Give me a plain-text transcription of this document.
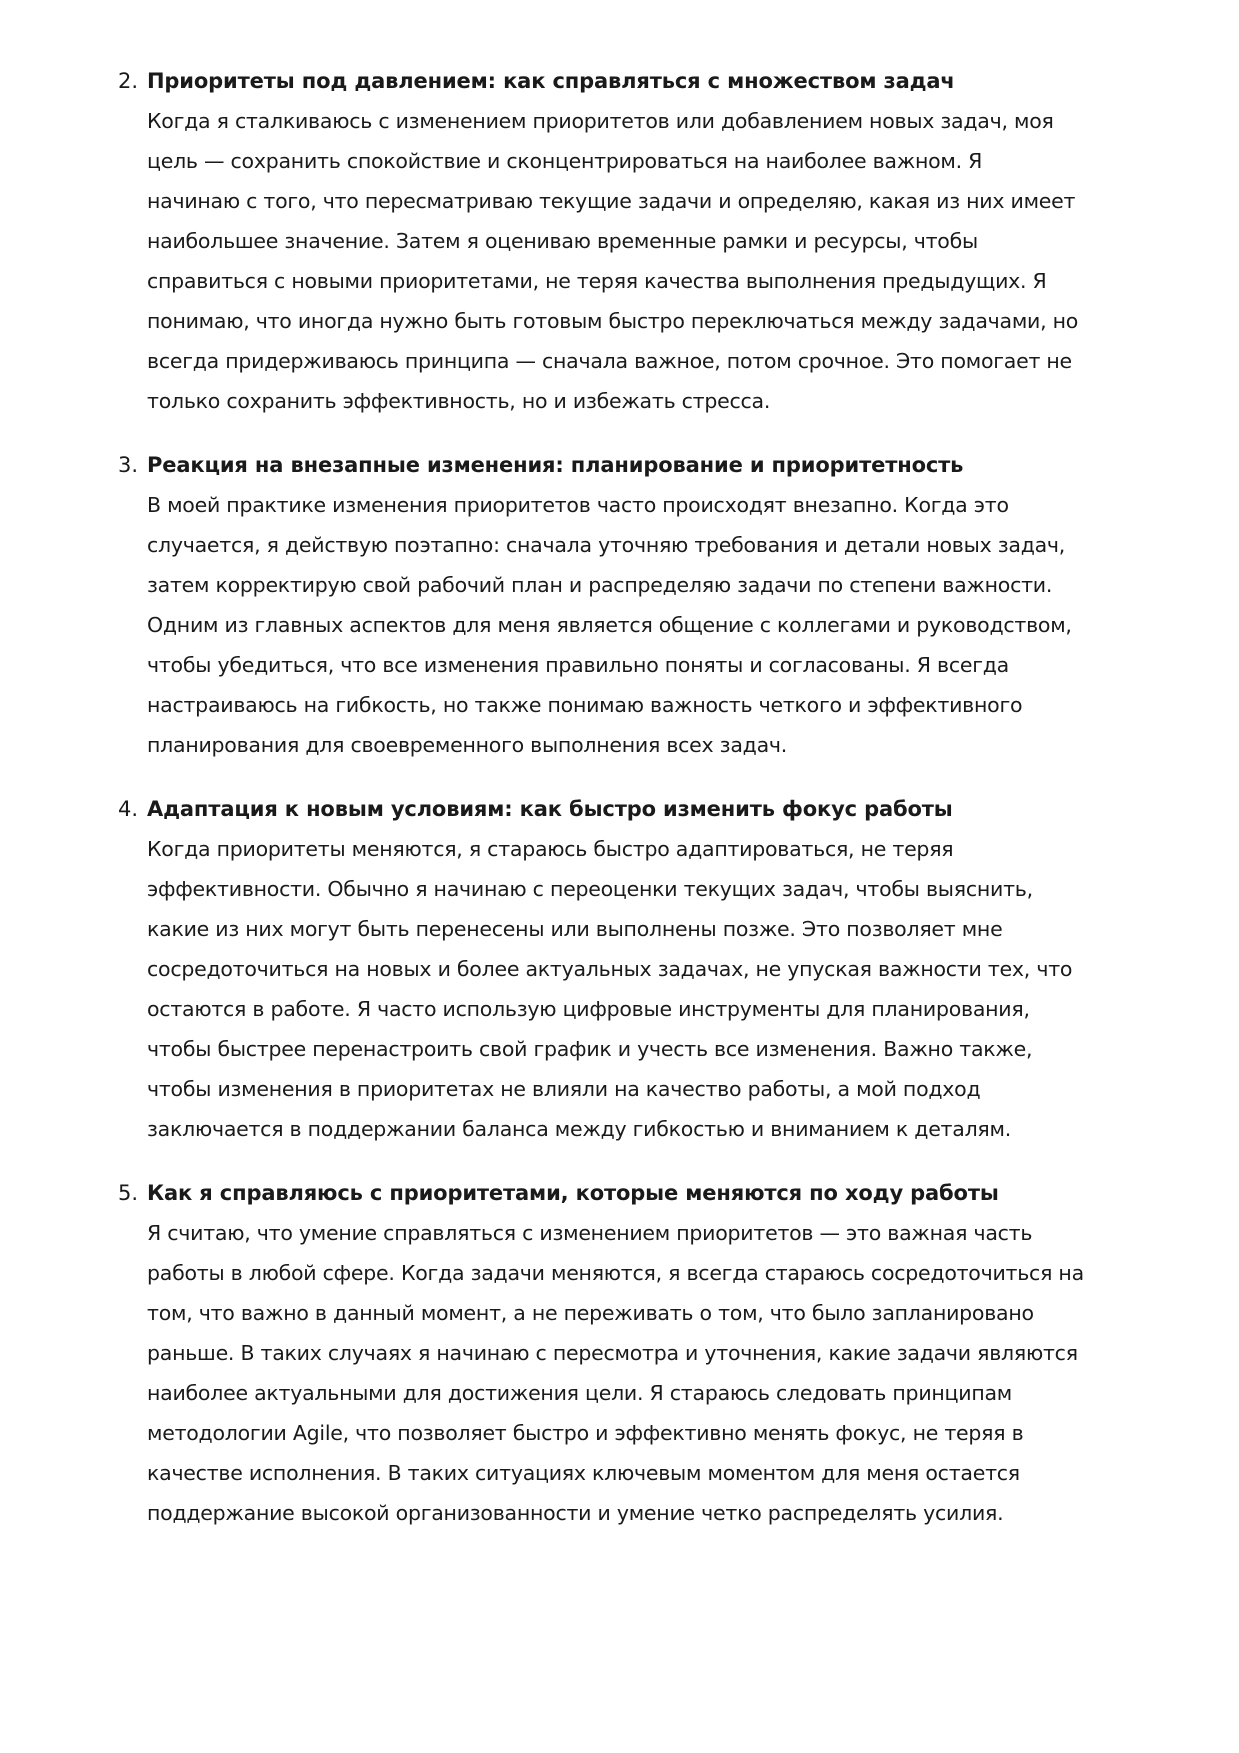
2. Приоритеты под давлением: как справляться с множеством задач

Когда я сталкиваюсь с изменением приоритетов или добавлением новых задач, моя
цель — сохранить спокойствие и сконцентрироваться на наиболее важном. Я
начинаю с того, что пересматриваю текущие задачи и определяю, какая из них имеет
наибольшее значение. Затем я оцениваю временные рамки и ресурсы, чтобы
справиться с новыми приоритетами, не теряя качества выполнения предыдущих. Я
понимаю, что иногда нужно быть готовым быстро переключаться между задачами, но
всегда придерживаюсь принципа — сначала важное, потом срочное. Это помогает не
только сохранить эффективность, но и избежать стресса.

3. Реакция на внезапные изменения: планирование и приоритетность

В моей практике изменения приоритетов часто происходят внезапно. Когда это
случается, я действую поэтапно: сначала уточняю требования и детали новых задач,
затем корректирую свой рабочий план и распределяю задачи по степени важности.
Одним из главных аспектов для меня является общение с коллегами и руководством,
чтобы убедиться, что все изменения правильно поняты и согласованы. Я всегда
настраиваюсь на гибкость, но также понимаю важность четкого и эффективного
планирования для своевременного выполнения всех задач.

4. Адаптация к новым условиям: как быстро изменить фокус работы

Когда приоритеты меняются, я стараюсь быстро адаптироваться, не теряя
эффективности. Обычно я начинаю с переоценки текущих задач, чтобы выяснить,
какие из них могут быть перенесены или выполнены позже. Это позволяет мне
сосредоточиться на новых и более актуальных задачах, не упуская важности тех, что
остаются в работе. Я часто использую цифровые инструменты для планирования,
чтобы быстрее перенастроить свой график и учесть все изменения. Важно также,
чтобы изменения в приоритетах не влияли на качество работы, а мой подход
заключается в поддержании баланса между гибкостью и вниманием к деталям.

5. Как я справляюсь с приоритетами, которые меняются по ходу работы

Я считаю, что умение справляться с изменением приоритетов — это важная часть
работы в любой сфере. Когда задачи меняются, я всегда стараюсь сосредоточиться на
том, что важно в данный момент, а не переживать о том, что было запланировано
раньше. В таких случаях я начинаю с пересмотра и уточнения, какие задачи являются
наиболее актуальными для достижения цели. Я стараюсь следовать принципам
методологии Agile, что позволяет быстро и эффективно менять фокус, не теряя в
качестве исполнения. В таких ситуациях ключевым моментом для меня остается
поддержание высокой организованности и умение четко распределять усилия.
